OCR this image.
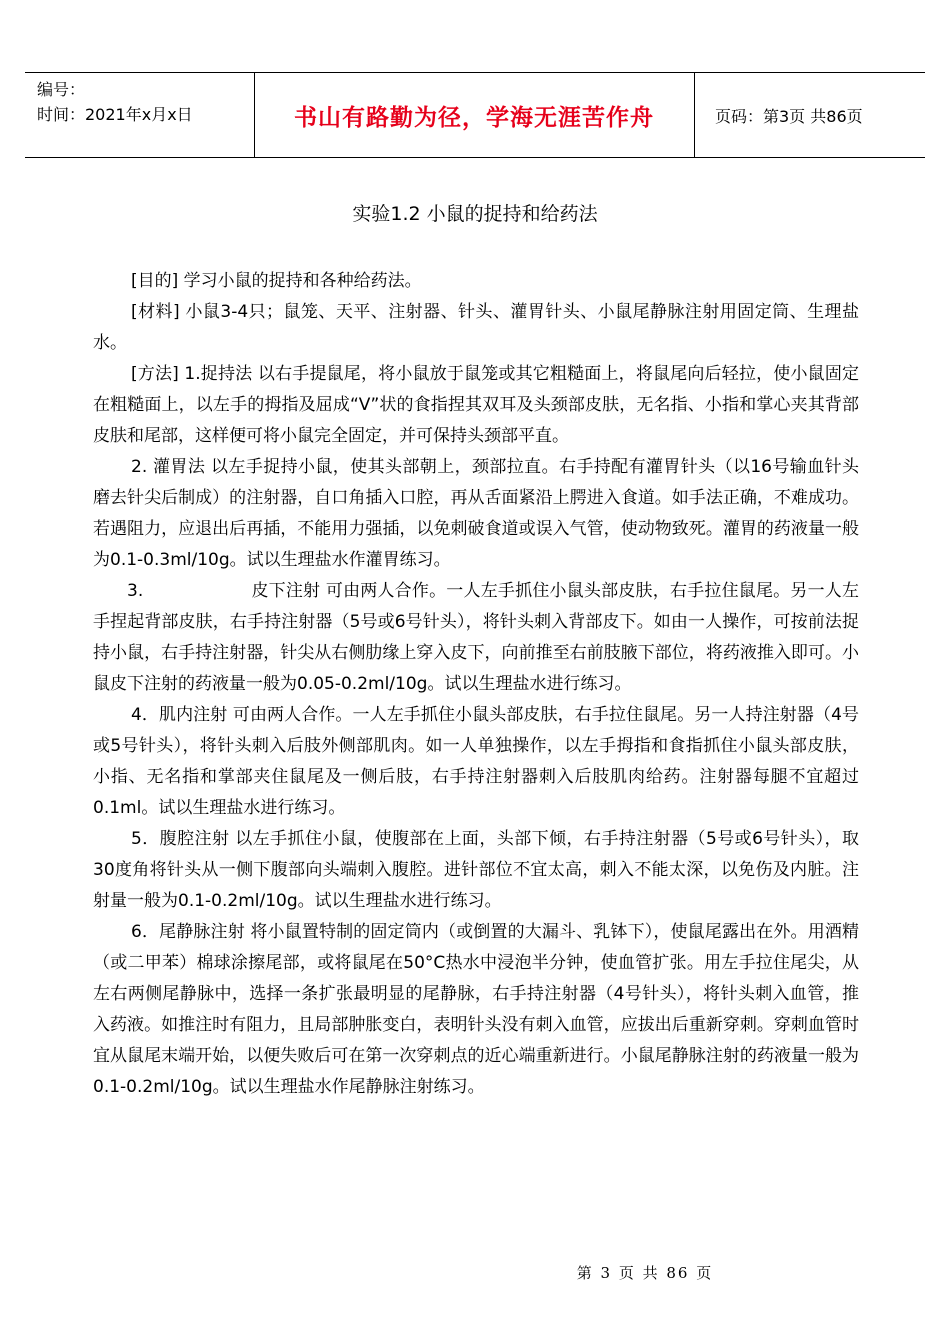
编号：
时间：2021年x月x日	书山有路勤为径，学海无涯苦作舟	页码：第3页 共86页
实验1.2 小鼠的捉持和给药法

[目的] 学习小鼠的捉持和各种给药法。

[材料] 小鼠3-4只；鼠笼、天平、注射器、针头、灌胃针头、小鼠尾静脉注射用固定筒、生理盐水。

[方法] 1.捉持法 以右手提鼠尾，将小鼠放于鼠笼或其它粗糙面上，将鼠尾向后轻拉，使小鼠固定在粗糙面上，以左手的拇指及屈成“V”状的食指捏其双耳及头颈部皮肤，无名指、小指和掌心夹其背部皮肤和尾部，这样便可将小鼠完全固定，并可保持头颈部平直。

2. 灌胃法 以左手捉持小鼠，使其头部朝上，颈部拉直。右手持配有灌胃针头（以16号输血针头磨去针尖后制成）的注射器，自口角插入口腔，再从舌面紧沿上腭进入食道。如手法正确，不难成功。若遇阻力，应退出后再插，不能用力强插，以免刺破食道或误入气管，使动物致死。灌胃的药液量一般为0.1-0.3ml/10g。试以生理盐水作灌胃练习。

3.	皮下注射 可由两人合作。一人左手抓住小鼠头部皮肤，右手拉住鼠尾。另一人左手捏起背部皮肤，右手持注射器（5号或6号针头），将针头刺入背部皮下。如由一人操作，可按前法捉持小鼠，右手持注射器，针尖从右侧肋缘上穿入皮下，向前推至右前肢腋下部位，将药液推入即可。小鼠皮下注射的药液量一般为0.05-0.2ml/10g。试以生理盐水进行练习。

4．肌内注射 可由两人合作。一人左手抓住小鼠头部皮肤，右手拉住鼠尾。另一人持注射器（4号或5号针头），将针头刺入后肢外侧部肌肉。如一人单独操作，以左手拇指和食指抓住小鼠头部皮肤，小指、无名指和掌部夹住鼠尾及一侧后肢，右手持注射器刺入后肢肌肉给药。注射器每腿不宜超过0.1ml。试以生理盐水进行练习。

5．腹腔注射 以左手抓住小鼠，使腹部在上面，头部下倾，右手持注射器（5号或6号针头），取30度角将针头从一侧下腹部向头端刺入腹腔。进针部位不宜太高，刺入不能太深，以免伤及内脏。注射量一般为0.1-0.2ml/10g。试以生理盐水进行练习。

6．尾静脉注射 将小鼠置特制的固定筒内（或倒置的大漏斗、乳钵下），使鼠尾露出在外。用酒精（或二甲苯）棉球涂擦尾部，或将鼠尾在50°C热水中浸泡半分钟，使血管扩张。用左手拉住尾尖，从左右两侧尾静脉中，选择一条扩张最明显的尾静脉，右手持注射器（4号针头），将针头刺入血管，推入药液。如推注时有阻力，且局部肿胀变白，表明针头没有刺入血管，应拔出后重新穿刺。穿刺血管时宜从鼠尾末端开始，以便失败后可在第一次穿刺点的近心端重新进行。小鼠尾静脉注射的药液量一般为0.1-0.2ml/10g。试以生理盐水作尾静脉注射练习。

第 3 页 共 86 页
